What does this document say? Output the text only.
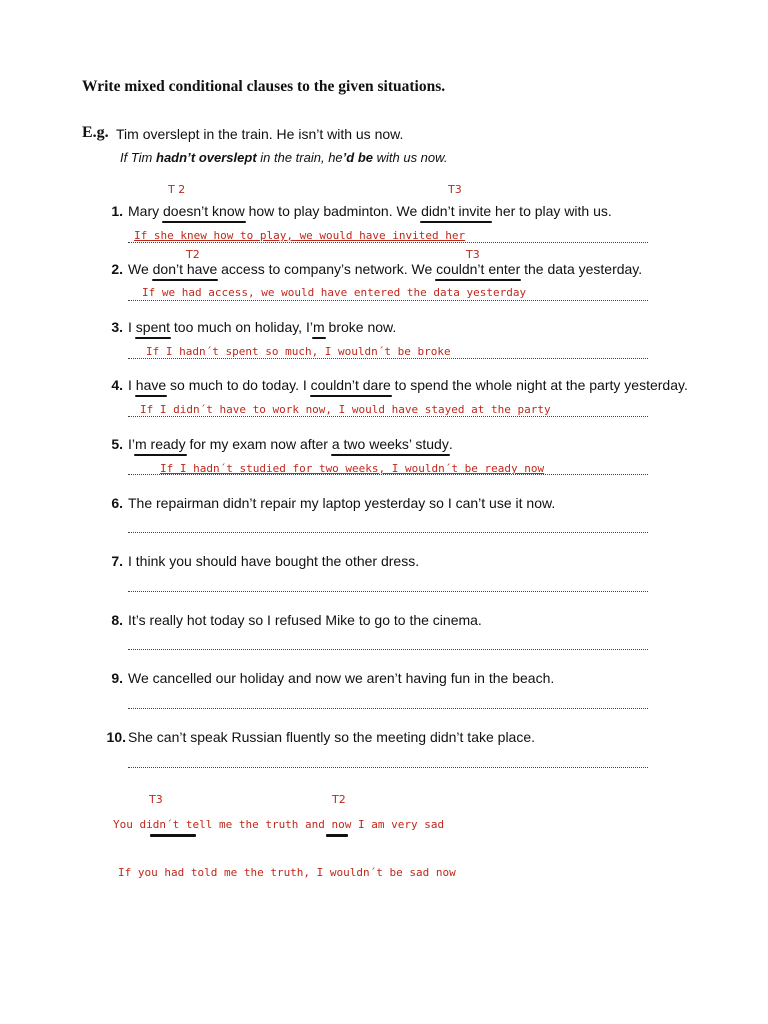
Write mixed conditional clauses to the given situations.
E.g. Tim overslept in the train. He isn’t with us now.
If Tim hadn’t overslept in the train, he’d be with us now.
T 2	T3
1. Mary doesn’t know how to play badminton. We didn’t invite her to play with us.
If she knew how to play, we would have invited her
T2	T3
2. We don’t have access to company’s network. We couldn’t enter the data yesterday.
If we had access, we would have entered the data yesterday
3. I spent too much on holiday, I’m broke now.
If I hadn´t spent so much, I wouldn´t be broke
4. I have so much to do today. I couldn’t dare to spend the whole night at the party yesterday.
If I didn´t have to work now, I would have stayed at the party
5. I’m ready for my exam now after a two weeks’ study.
If I hadn´t studied for two weeks, I wouldn´t be ready now
6. The repairman didn’t repair my laptop yesterday so I can’t use it now.
7. I think you should have bought the other dress.
8. It’s really hot today so I refused Mike to go to the cinema.
9. We cancelled our holiday and now we aren’t having fun in the beach.
10. She can’t speak Russian fluently so the meeting didn’t take place.
T3	T2
You didn´t tell me the truth and now I am very sad
If you had told me the truth, I wouldn´t be sad now
